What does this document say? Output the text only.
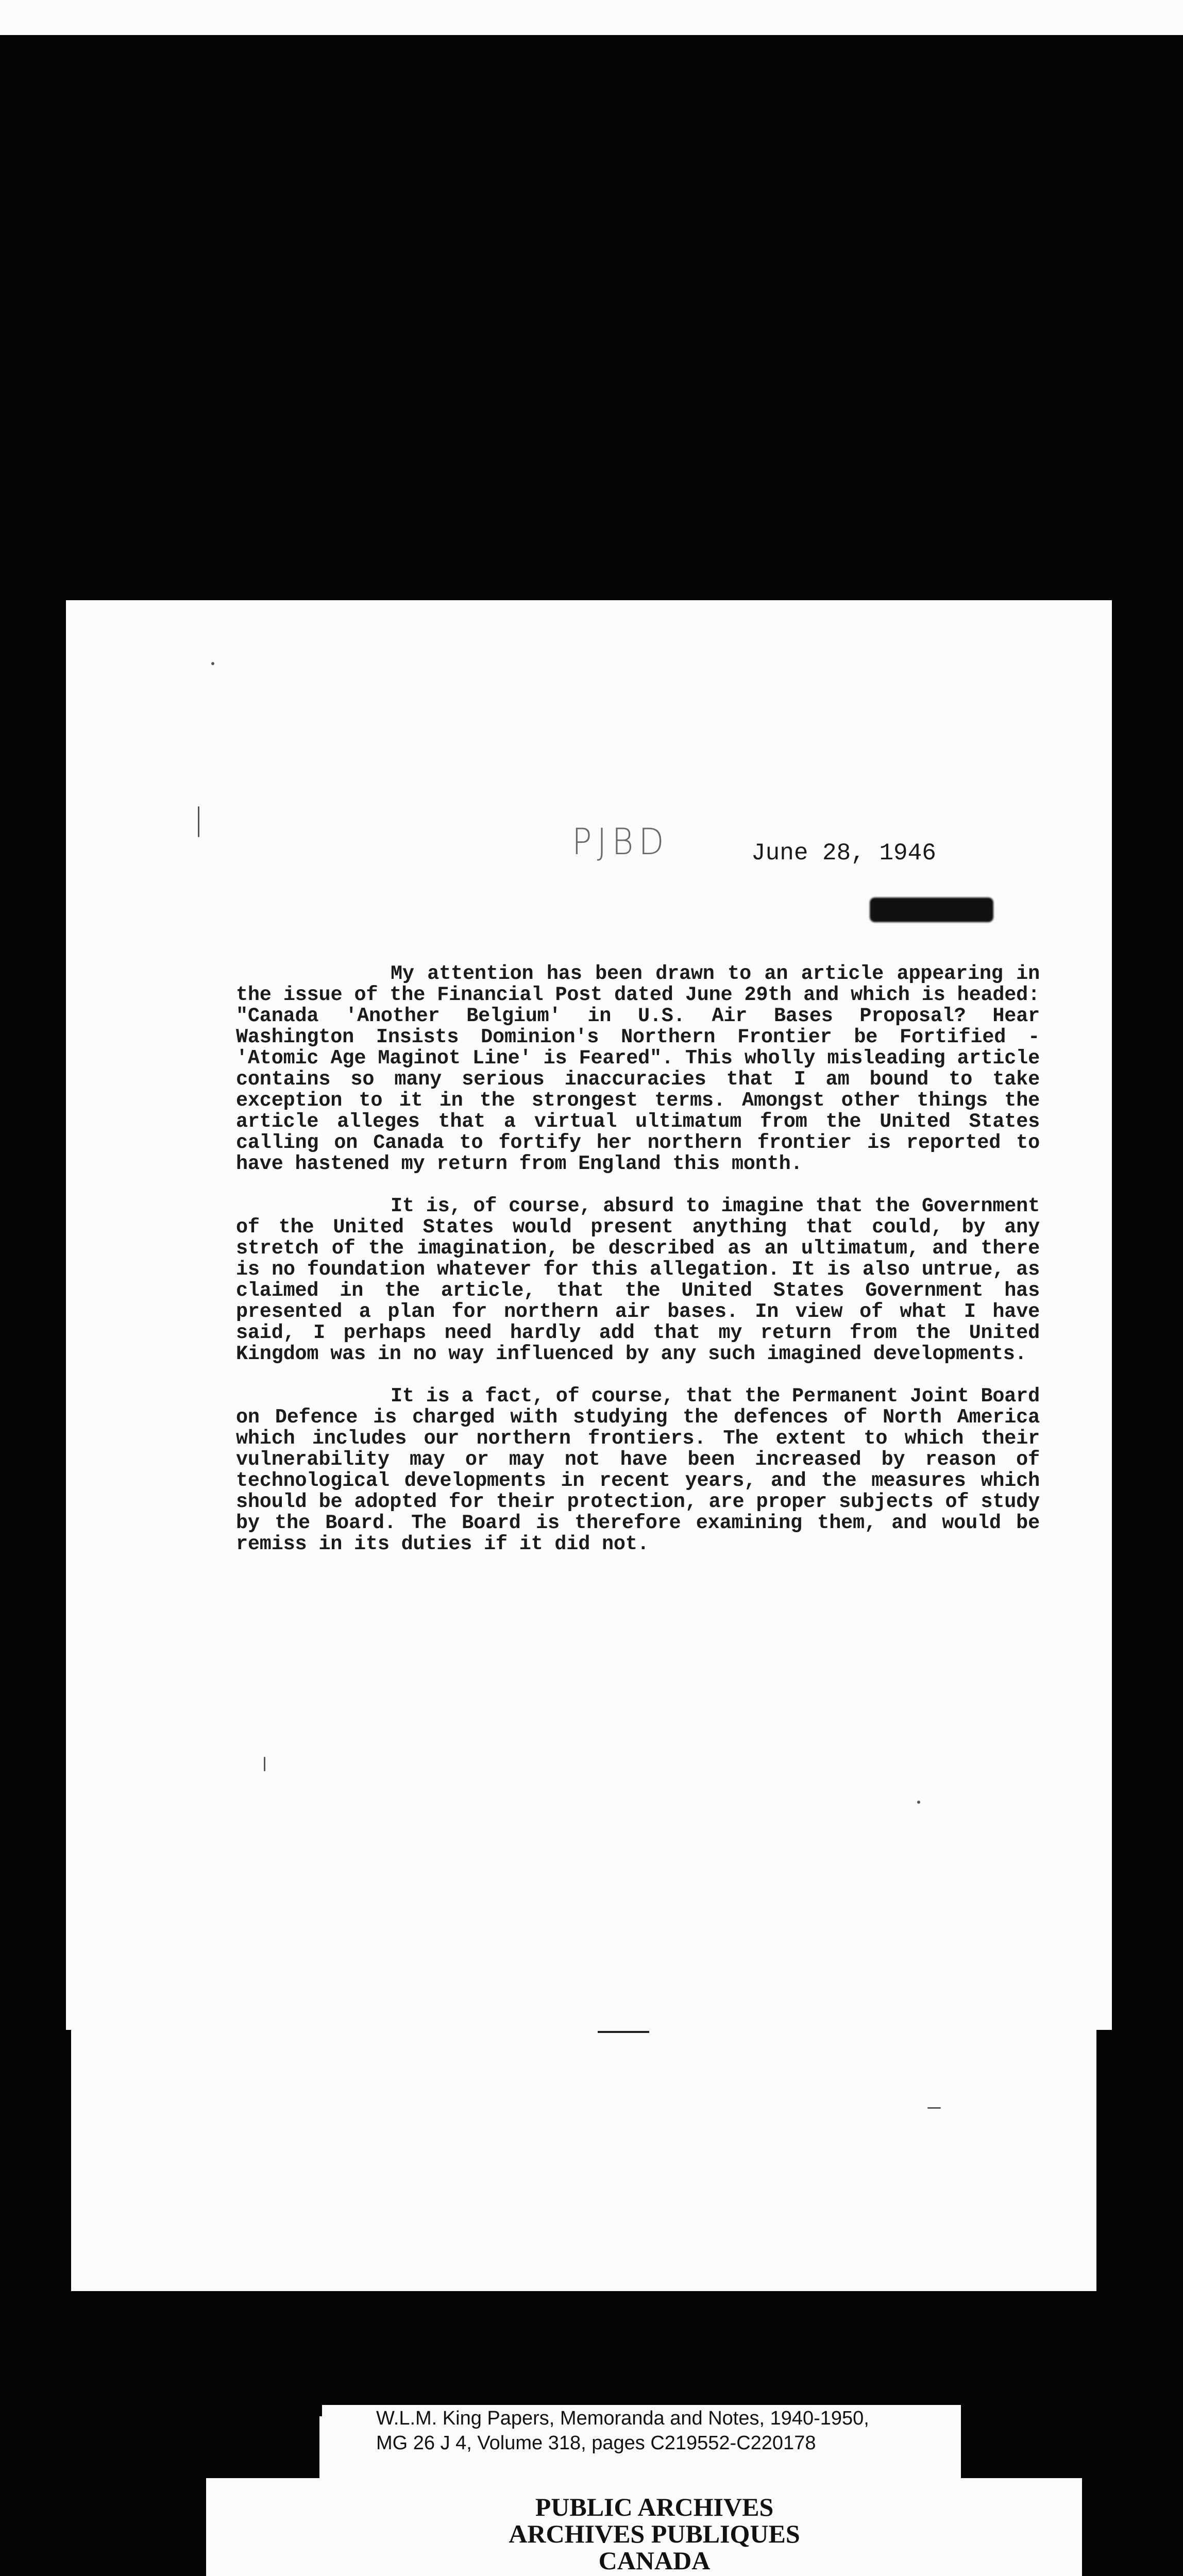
PJBD	June 28, 1946

My attention has been drawn to an article appearing in the issue of the Financial Post dated June 29th and which is headed: "Canada 'Another Belgium' in U.S. Air Bases Proposal? Hear Washington Insists Dominion's Northern Frontier be Fortified - 'Atomic Age Maginot Line' is Feared". This wholly misleading article contains so many serious inaccuracies that I am bound to take exception to it in the strongest terms. Amongst other things the article alleges that a virtual ultimatum from the United States calling on Canada to fortify her northern frontier is reported to have hastened my return from England this month.

It is, of course, absurd to imagine that the Government of the United States would present anything that could, by any stretch of the imagination, be described as an ultimatum, and there is no foundation whatever for this allegation. It is also untrue, as claimed in the article, that the United States Government has presented a plan for northern air bases. In view of what I have said, I perhaps need hardly add that my return from the United Kingdom was in no way influenced by any such imagined developments.

It is a fact, of course, that the Permanent Joint Board on Defence is charged with studying the defences of North America which includes our northern frontiers. The extent to which their vulnerability may or may not have been increased by reason of technological developments in recent years, and the measures which should be adopted for their protection, are proper subjects of study by the Board. The Board is therefore examining them, and would be remiss in its duties if it did not.

W.L.M. King Papers, Memoranda and Notes, 1940-1950,
MG 26 J 4, Volume 318, pages C219552-C220178
PUBLIC ARCHIVES
ARCHIVES PUBLIQUES
CANADA
